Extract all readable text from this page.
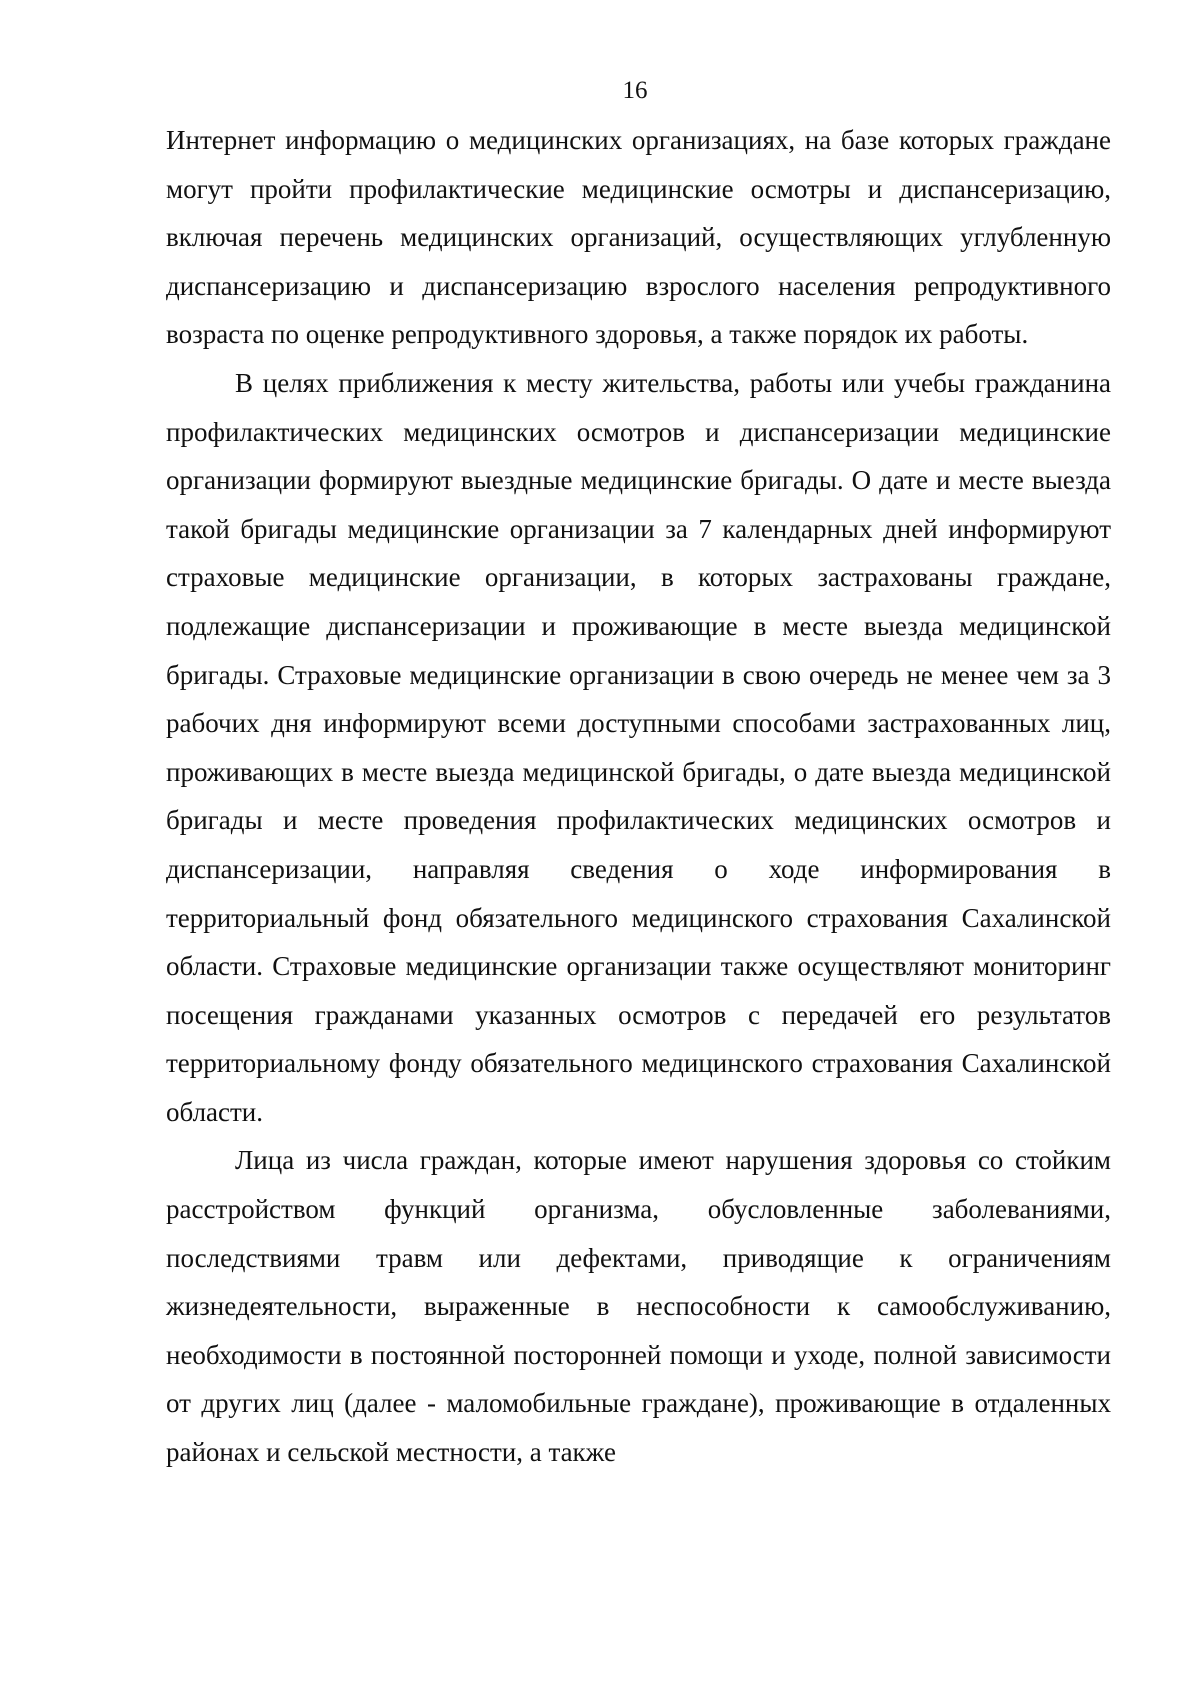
16

Интернет информацию о медицинских организациях, на базе которых граждане могут пройти профилактические медицинские осмотры и диспансеризацию, включая перечень медицинских организаций, осуществляющих углубленную диспансеризацию и диспансеризацию взрослого населения репродуктивного возраста по оценке репродуктивного здоровья, а также порядок их работы.

В целях приближения к месту жительства, работы или учебы гражданина профилактических медицинских осмотров и диспансеризации медицинские организации формируют выездные медицинские бригады. О дате и месте выезда такой бригады медицинские организации за 7 календарных дней информируют страховые медицинские организации, в которых застрахованы граждане, подлежащие диспансеризации и проживающие в месте выезда медицинской бригады. Страховые медицинские организации в свою очередь не менее чем за 3 рабочих дня информируют всеми доступными способами застрахованных лиц, проживающих в месте выезда медицинской бригады, о дате выезда медицинской бригады и месте проведения профилактических медицинских осмотров и диспансеризации, направляя сведения о ходе информирования в территориальный фонд обязательного медицинского страхования Сахалинской области. Страховые медицинские организации также осуществляют мониторинг посещения гражданами указанных осмотров с передачей его результатов территориальному фонду обязательного медицинского страхования Сахалинской области.

Лица из числа граждан, которые имеют нарушения здоровья со стойким расстройством функций организма, обусловленные заболеваниями, последствиями травм или дефектами, приводящие к ограничениям жизнедеятельности, выраженные в неспособности к самообслуживанию, необходимости в постоянной посторонней помощи и уходе, полной зависимости от других лиц (далее - маломобильные граждане), проживающие в отдаленных районах и сельской местности, а также
